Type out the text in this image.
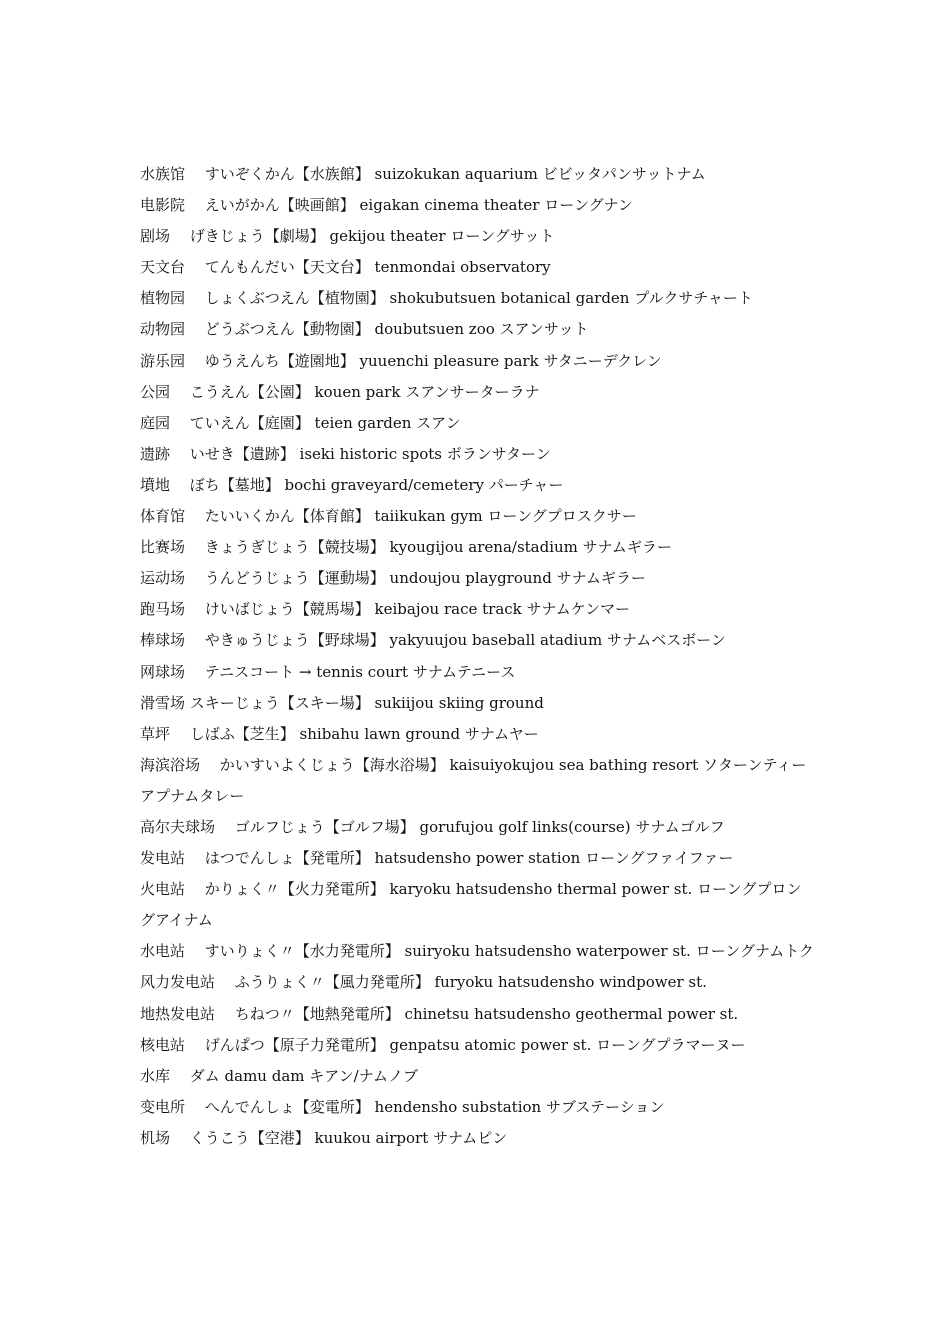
水族馆　 すいぞくかん【水族館】 suizokukan aquarium ビビッタパンサットナム

电影院　 えいがかん【映画館】 eigakan cinema theater ローングナン

剧场　 げきじょう【劇場】 gekijou theater ローングサット

天文台　 てんもんだい【天文台】 tenmondai observatory

植物园　 しょくぶつえん【植物園】 shokubutsuen botanical garden プルクサチャート

动物园　 どうぶつえん【動物園】 doubutsuen zoo スアンサット

游乐园　 ゆうえんち【遊園地】 yuuenchi pleasure park サタニーデクレン

公园　 こうえん【公園】 kouen park スアンサーターラナ

庭园　 ていえん【庭園】 teien garden スアン

遗跡　 いせき【遺跡】 iseki historic spots ボランサターン

墳地　 ぼち【墓地】 bochi graveyard/cemetery パーチャー

体育馆　 たいいくかん【体育館】 taiikukan gym ローングプロスクサー

比赛场　 きょうぎじょう【競技場】 kyougijou arena/stadium サナムギラー

运动场　 うんどうじょう【運動場】 undoujou playground サナムギラー

跑马场　 けいばじょう【競馬場】 keibajou race track サナムケンマー

棒球场　 やきゅうじょう【野球場】 yakyuujou baseball atadium サナムベスボーン

网球场　 テニスコート → tennis court サナムテニース

滑雪场 スキーじょう【スキー場】 sukiijou skiing ground

草坪　 しばふ【芝生】 shibahu lawn ground サナムヤー

海滨浴场　 かいすいよくじょう【海水浴場】 kaisuiyokujou sea bathing resort ソターンティーアプナムタレー

高尔夫球场　 ゴルフじょう【ゴルフ場】 gorufujou golf links(course) サナムゴルフ

发电站　 はつでんしょ【発電所】 hatsudensho power station ローングファイファー

火电站　 かりょく〃【火力発電所】 karyoku hatsudensho thermal power st. ローングプロングアイナム

水电站　 すいりょく〃【水力発電所】 suiryoku hatsudensho waterpower st. ローングナムトク

风力发电站　 ふうりょく〃【風力発電所】 furyoku hatsudensho windpower st.

地热发电站　 ちねつ〃【地熱発電所】 chinetsu hatsudensho geothermal power st.

核电站　 げんぱつ【原子力発電所】 genpatsu atomic power st. ローングプラマーヌー

水库　 ダム damu dam キアン/ナムノブ

变电所　 へんでんしょ【変電所】 hendensho substation サブステーション

机场　 くうこう【空港】 kuukou airport サナムピン
